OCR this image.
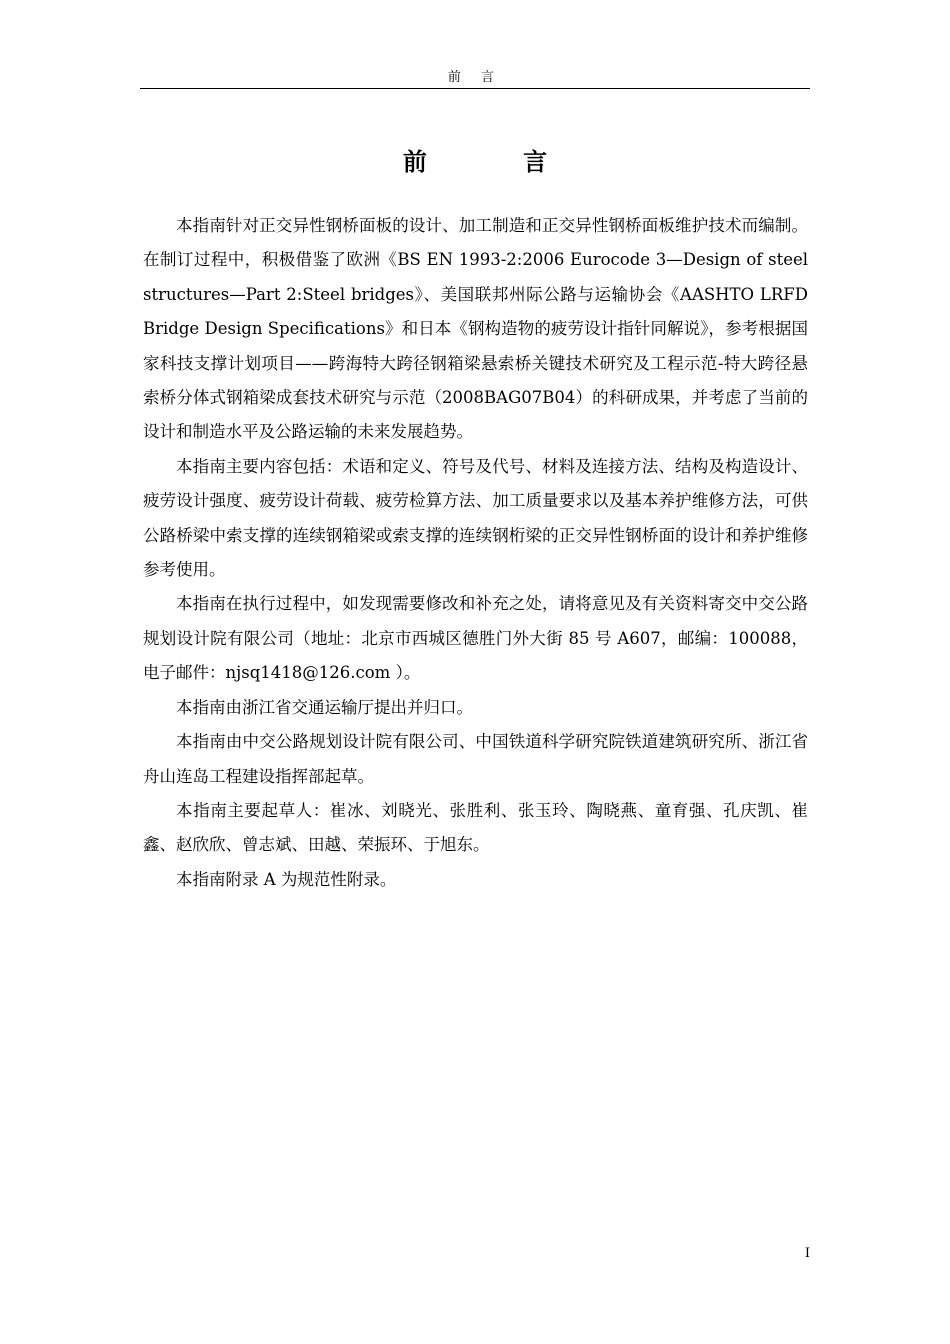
前 言
前 言

本指南针对正交异性钢桥面板的设计、加工制造和正交异性钢桥面板维护技术而编制。在制订过程中，积极借鉴了欧洲《BS EN 1993-2:2006 Eurocode 3—Design of steel structures—Part 2:Steel bridges》、美国联邦州际公路与运输协会《AASHTO LRFD Bridge Design Specifications》和日本《钢构造物的疲劳设计指针同解说》，参考根据国家科技支撑计划项目——跨海特大跨径钢箱梁悬索桥关键技术研究及工程示范-特大跨径悬索桥分体式钢箱梁成套技术研究与示范（2008BAG07B04）的科研成果，并考虑了当前的设计和制造水平及公路运输的未来发展趋势。

本指南主要内容包括：术语和定义、符号及代号、材料及连接方法、结构及构造设计、疲劳设计强度、疲劳设计荷载、疲劳检算方法、加工质量要求以及基本养护维修方法，可供公路桥梁中索支撑的连续钢箱梁或索支撑的连续钢桁梁的正交异性钢桥面的设计和养护维修参考使用。

本指南在执行过程中，如发现需要修改和补充之处，请将意见及有关资料寄交中交公路规划设计院有限公司（地址：北京市西城区德胜门外大街 85 号 A607，邮编：100088，电子邮件：njsq1418@126.com ）。

本指南由浙江省交通运输厅提出并归口。

本指南由中交公路规划设计院有限公司、中国铁道科学研究院铁道建筑研究所、浙江省舟山连岛工程建设指挥部起草。

本指南主要起草人：崔冰、刘晓光、张胜利、张玉玲、陶晓燕、童育强、孔庆凯、崔鑫、赵欣欣、曾志斌、田越、荣振环、于旭东。

本指南附录 A 为规范性附录。

I
